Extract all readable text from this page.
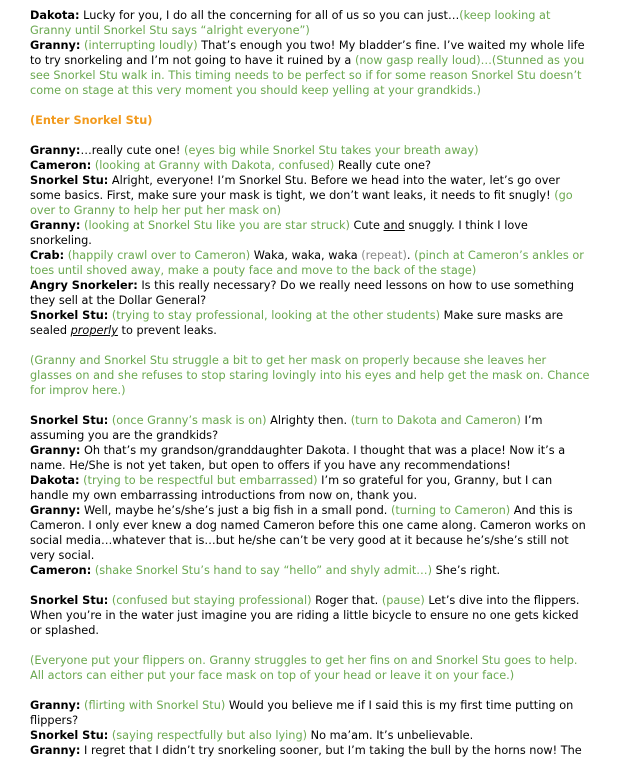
Dakota: Lucky for you, I do all the concerning for all of us so you can just…(keep looking at Granny until Snorkel Stu says “alright everyone”)

Granny: (interrupting loudly) That’s enough you two! My bladder’s fine. I’ve waited my whole life to try snorkeling and I’m not going to have it ruined by a (now gasp really loud)…(Stunned as you see Snorkel Stu walk in. This timing needs to be perfect so if for some reason Snorkel Stu doesn’t come on stage at this very moment you should keep yelling at your grandkids.)

(Enter Snorkel Stu)

Granny:…really cute one! (eyes big while Snorkel Stu takes your breath away)

Cameron: (looking at Granny with Dakota, confused) Really cute one?

Snorkel Stu: Alright, everyone! I’m Snorkel Stu. Before we head into the water, let’s go over some basics. First, make sure your mask is tight, we don’t want leaks, it needs to fit snugly! (go over to Granny to help her put her mask on)

Granny: (looking at Snorkel Stu like you are star struck) Cute and snuggly. I think I love snorkeling.

Crab: (happily crawl over to Cameron) Waka, waka, waka (repeat). (pinch at Cameron’s ankles or toes until shoved away, make a pouty face and move to the back of the stage)

Angry Snorkeler: Is this really necessary? Do we really need lessons on how to use something they sell at the Dollar General?

Snorkel Stu: (trying to stay professional, looking at the other students) Make sure masks are sealed properly to prevent leaks.

(Granny and Snorkel Stu struggle a bit to get her mask on properly because she leaves her glasses on and she refuses to stop staring lovingly into his eyes and help get the mask on. Chance for improv here.)

Snorkel Stu: (once Granny’s mask is on) Alrighty then. (turn to Dakota and Cameron) I’m assuming you are the grandkids?

Granny: Oh that’s my grandson/granddaughter Dakota. I thought that was a place! Now it’s a name. He/She is not yet taken, but open to offers if you have any recommendations!

Dakota: (trying to be respectful but embarrassed) I’m so grateful for you, Granny, but I can handle my own embarrassing introductions from now on, thank you.

Granny: Well, maybe he’s/she’s just a big fish in a small pond. (turning to Cameron) And this is Cameron. I only ever knew a dog named Cameron before this one came along. Cameron works on social media…whatever that is…but he/she can’t be very good at it because he’s/she’s still not very social.

Cameron: (shake Snorkel Stu’s hand to say “hello” and shyly admit…) She’s right.

Snorkel Stu: (confused but staying professional) Roger that. (pause) Let’s dive into the flippers. When you’re in the water just imagine you are riding a little bicycle to ensure no one gets kicked or splashed.

(Everyone put your flippers on. Granny struggles to get her fins on and Snorkel Stu goes to help. All actors can either put your face mask on top of your head or leave it on your face.)

Granny: (flirting with Snorkel Stu) Would you believe me if I said this is my first time putting on flippers?

Snorkel Stu: (saying respectfully but also lying) No ma’am. It’s unbelievable.

Granny: I regret that I didn’t try snorkeling sooner, but I’m taking the bull by the horns now! The
